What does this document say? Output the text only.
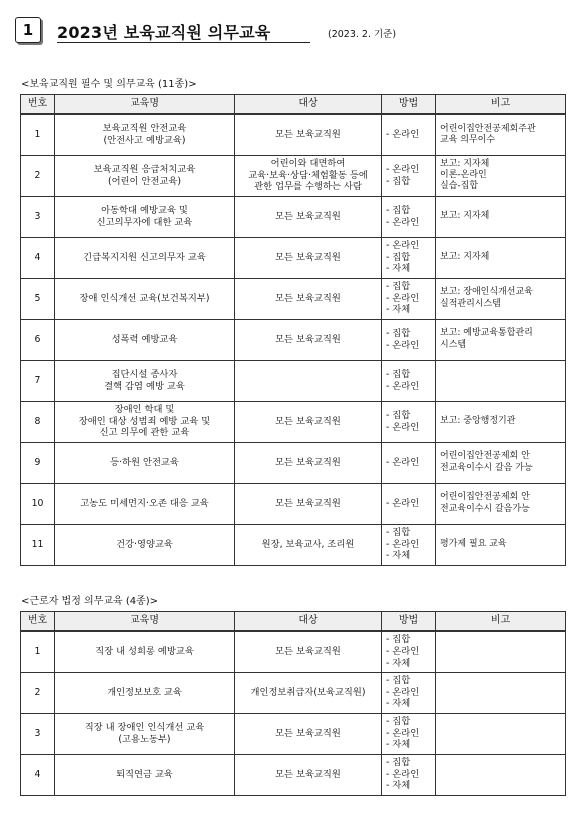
1	2023년 보육교직원 의무교육	(2023. 2. 기준)
<보육교직원 필수 및 의무교육 (11종)>
번호	교육명	대상	방법	비고
1	보육교직원 안전교육
(안전사고 예방교육)	모든 보육교직원	- 온라인	어린이집안전공제회주관
교육 의무이수

2	보육교직원 응급처치교육
(어린이 안전교육)	어린이와 대면하여
교육·보육·상담·체험활동 등에
관한 업무를 수행하는 사람	- 온라인
- 집합	보고: 지자체
이론-온라인
실습-집합

3	아동학대 예방교육 및
신고의무자에 대한 교육	모든 보육교직원	- 집합
- 온라인	보고: 지자체

4	긴급복지지원 신고의무자 교육	모든 보육교직원	- 온라인
- 집합
- 자체	보고: 지자체

5	장애 인식개선 교육(보건복지부)	모든 보육교직원	- 집합
- 온라인
- 자체	보고: 장애인식개선교육
실적관리시스템

6	성폭력 예방교육	모든 보육교직원	- 집합
- 온라인	보고: 예방교육통합관리
시스템

7	집단시설 종사자
결핵 감염 예방 교육		- 집합
- 온라인	

8	장애인 학대 및
장애인 대상 성범죄 예방 교육 및
신고 의무에 관한 교육	모든 보육교직원	- 집합
- 온라인	보고: 중앙행정기관

9	등·하원 안전교육	모든 보육교직원	- 온라인	어린이집안전공제회 안
전교육이수시 갈음 가능

10	고농도 미세먼지·오존 대응 교육	모든 보육교직원	- 온라인	어린이집안전공제회 안
전교육이수시 갈음가능

11	건강·영양교육	원장, 보육교사, 조리원	- 집합
- 온라인
- 자체	평가제 필요 교육
<근로자 법정 의무교육 (4종)>
번호	교육명	대상	방법	비고
1	직장 내 성희롱 예방교육	모든 보육교직원	- 집합
- 온라인
- 자체	

2	개인정보보호 교육	개인정보취급자(보육교직원)	- 집합
- 온라인
- 자체	

3	직장 내 장애인 인식개선 교육
(고용노동부)	모든 보육교직원	- 집합
- 온라인
- 자체	

4	퇴직연금 교육	모든 보육교직원	- 집합
- 온라인
- 자체	
